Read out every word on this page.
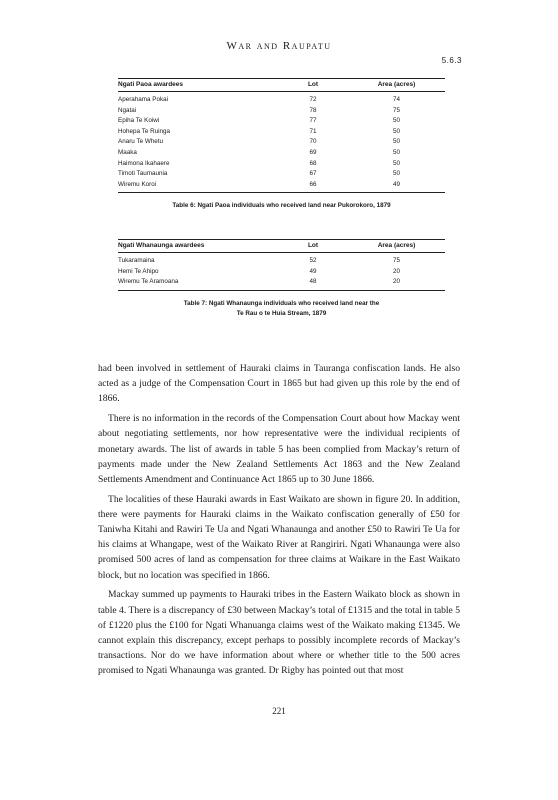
War and Raupatu
5.6.3
Ngati Paoa awardees	Lot	Area (acres)
Aperahama Pokai	72	74
Ngatai	78	75
Epiha Te Koiwi	77	50
Hohepa Te Ruinga	71	50
Anaru Te Whetu	70	50
Maaka	69	50
Haimona Ikahaere	68	50
Timoti Taumaunia	67	50
Wiremu Koroi	66	49
Table 6: Ngati Paoa individuals who received land near Pukorokoro, 1879
Ngati Whanaunga awardees	Lot	Area (acres)
Tukaramaina	52	75
Hemi Te Ahipo	49	20
Wiremu Te Aramoana	48	20
Table 7: Ngati Whanaunga individuals who received land near the
Te Rau o te Huia Stream, 1879

had been involved in settlement of Hauraki claims in Tauranga confiscation lands. He also acted as a judge of the Compensation Court in 1865 but had given up this role by the end of 1866.

There is no information in the records of the Compensation Court about how Mackay went about negotiating settlements, nor how representative were the individual recipients of monetary awards. The list of awards in table 5 has been complied from Mackay’s return of payments made under the New Zealand Settlements Act 1863 and the New Zealand Settlements Amendment and Continuance Act 1865 up to 30 June 1866.

The localities of these Hauraki awards in East Waikato are shown in figure 20. In addition, there were payments for Hauraki claims in the Waikato confiscation generally of £50 for Taniwha Kitahi and Rawiri Te Ua and Ngati Whanaunga and another £50 to Rawiri Te Ua for his claims at Whangape, west of the Waikato River at Rangiriri. Ngati Whanaunga were also promised 500 acres of land as compensation for three claims at Waikare in the East Waikato block, but no location was specified in 1866.

Mackay summed up payments to Hauraki tribes in the Eastern Waikato block as shown in table 4. There is a discrepancy of £30 between Mackay’s total of £1315 and the total in table 5 of £1220 plus the £100 for Ngati Whanuanga claims west of the Waikato making £1345. We cannot explain this discrepancy, except perhaps to possibly incomplete records of Mackay’s transactions. Nor do we have information about where or whether title to the 500 acres promised to Ngati Whanaunga was granted. Dr Rigby has pointed out that most

221
